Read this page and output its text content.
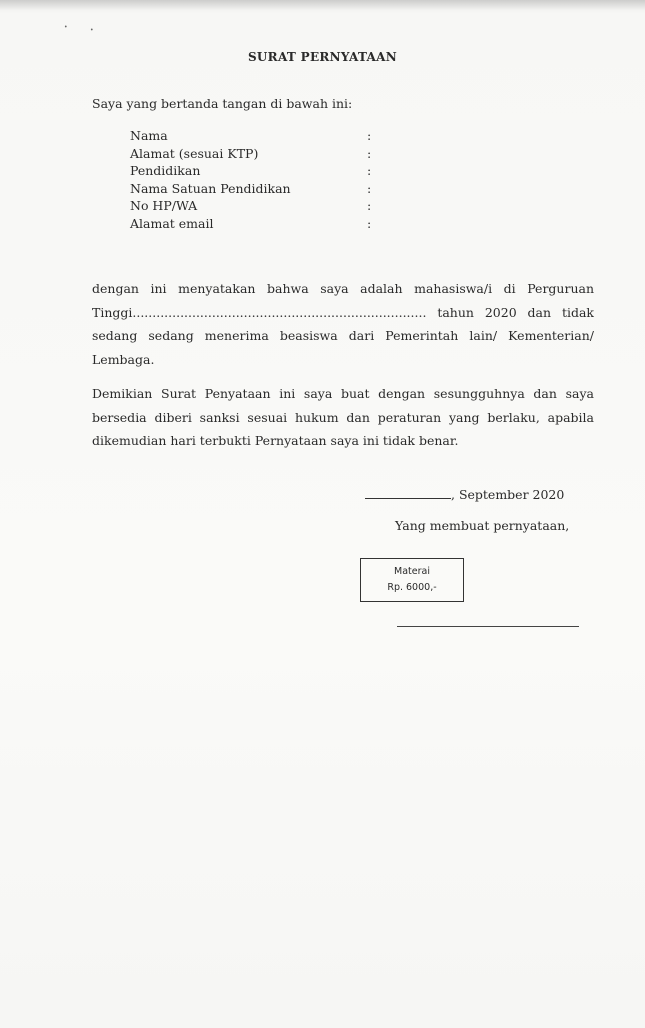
•	•
SURAT PERNYATAAN
Saya yang bertanda tangan di bawah ini:
Nama	:
Alamat (sesuai KTP)	:
Pendidikan	:
Nama Satuan Pendidikan	:
No HP/WA	:
Alamat email	:
dengan ini menyatakan bahwa saya adalah mahasiswa/i di Perguruan Tinggi.......................................................................... tahun 2020 dan tidak sedang sedang menerima beasiswa dari Pemerintah lain/ Kementerian/ Lembaga.
Demikian Surat Penyataan ini saya buat dengan sesungguhnya dan saya bersedia diberi sanksi sesuai hukum dan peraturan yang berlaku, apabila dikemudian hari terbukti Pernyataan saya ini tidak benar.
, September 2020
Yang membuat pernyataan,
Materai
Rp. 6000,-
